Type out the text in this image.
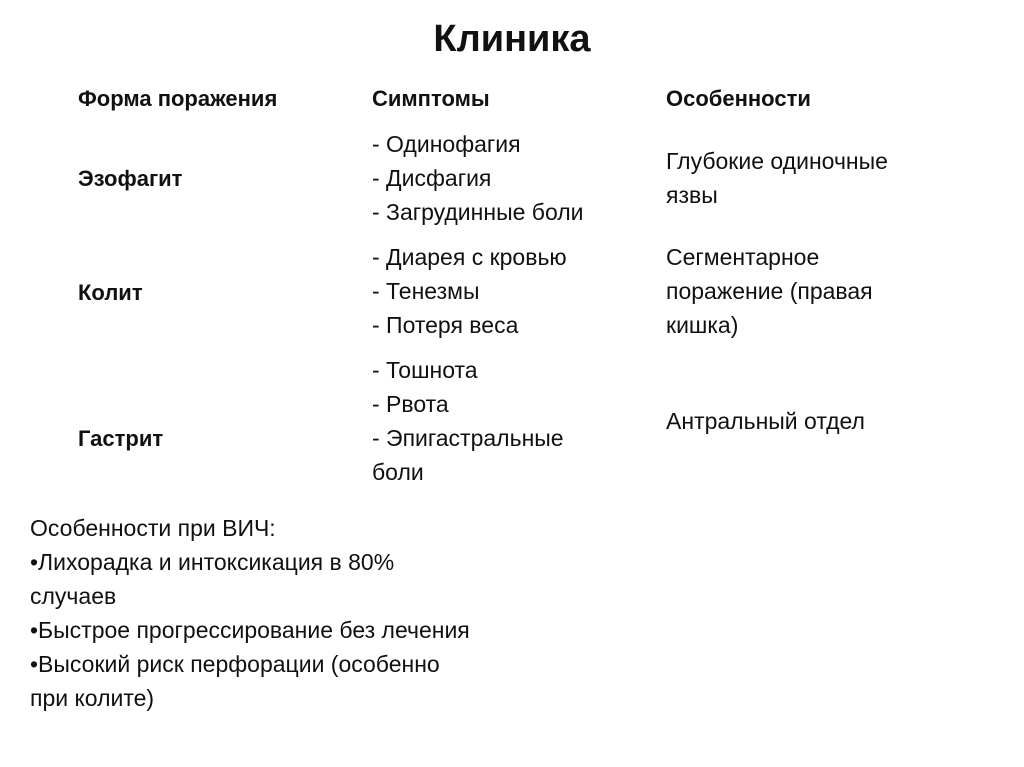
Клиника
Форма поражения	Симптомы	Особенности
Эзофагит
- Одинофагия
- Дисфагия
- Загрудинные боли
Глубокие одиночные
язвы
Колит
- Диарея с кровью
- Тенезмы
- Потеря веса
Сегментарное
поражение (правая
кишка)
Гастрит
- Тошнота
- Рвота
- Эпигастральные
боли
Антральный отдел
Особенности при ВИЧ:
•Лихорадка и интоксикация в 80%
случаев
•Быстрое прогрессирование без лечения
•Высокий риск перфорации (особенно
при колите)
